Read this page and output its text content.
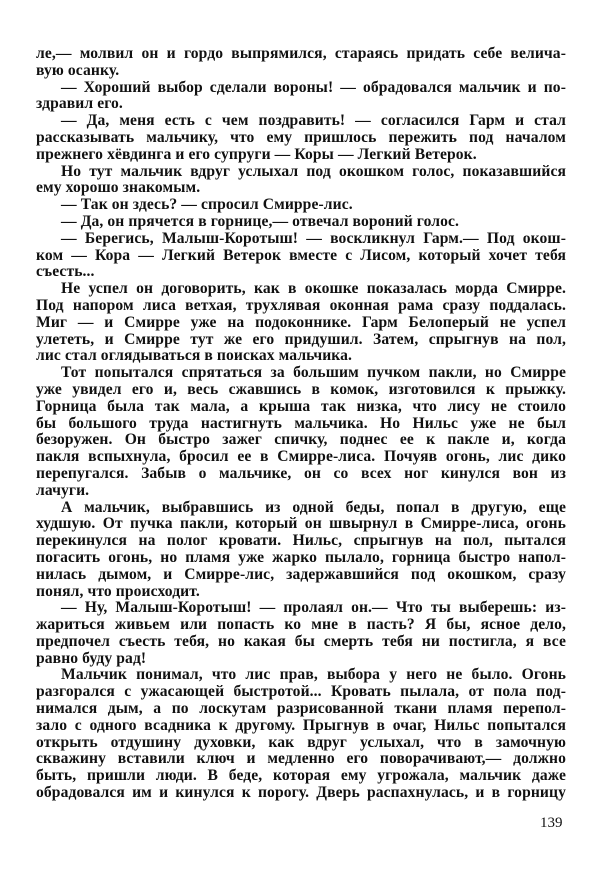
ле,— молвил он и гордо выпрямился, стараясь придать себе велича-
вую осанку.
— Хороший выбор сделали вороны! — обрадовался мальчик и по-
здравил его.
— Да, меня есть с чем поздравить! — согласился Гарм и стал
рассказывать мальчику, что ему пришлось пережить под началом
прежнего хёвдинга и его супруги — Коры — Легкий Ветерок.
Но тут мальчик вдруг услыхал под окошком голос, показавшийся
ему хорошо знакомым.
— Так он здесь? — спросил Смирре-лис.
— Да, он прячется в горнице,— отвечал вороний голос.
— Берегись, Малыш-Коротыш! — воскликнул Гарм.— Под окош-
ком — Кора — Легкий Ветерок вместе с Лисом, который хочет тебя
съесть...
Не успел он договорить, как в окошке показалась морда Смирре.
Под напором лиса ветхая, трухлявая оконная рама сразу поддалась.
Миг — и Смирре уже на подоконнике. Гарм Белоперый не успел
улететь, и Смирре тут же его придушил. Затем, спрыгнув на пол,
лис стал оглядываться в поисках мальчика.
Тот попытался спрятаться за большим пучком пакли, но Смирре
уже увидел его и, весь сжавшись в комок, изготовился к прыжку.
Горница была так мала, а крыша так низка, что лису не стоило
бы большого труда настигнуть мальчика. Но Нильс уже не был
безоружен. Он быстро зажег спичку, поднес ее к пакле и, когда
пакля вспыхнула, бросил ее в Смирре-лиса. Почуяв огонь, лис дико
перепугался. Забыв о мальчике, он со всех ног кинулся вон из
лачуги.
А мальчик, выбравшись из одной беды, попал в другую, еще
худшую. От пучка пакли, который он швырнул в Смирре-лиса, огонь
перекинулся на полог кровати. Нильс, спрыгнув на пол, пытался
погасить огонь, но пламя уже жарко пылало, горница быстро напол-
нилась дымом, и Смирре-лис, задержавшийся под окошком, сразу
понял, что происходит.
— Ну, Малыш-Коротыш! — пролаял он.— Что ты выберешь: из-
жариться живьем или попасть ко мне в пасть? Я бы, ясное дело,
предпочел съесть тебя, но какая бы смерть тебя ни постигла, я все
равно буду рад!
Мальчик понимал, что лис прав, выбора у него не было. Огонь
разгорался с ужасающей быстротой... Кровать пылала, от пола под-
нимался дым, а по лоскутам разрисованной ткани пламя перепол-
зало с одного всадника к другому. Прыгнув в очаг, Нильс попытался
открыть отдушину духовки, как вдруг услыхал, что в замочную
скважину вставили ключ и медленно его поворачивают,— должно
быть, пришли люди. В беде, которая ему угрожала, мальчик даже
обрадовался им и кинулся к порогу. Дверь распахнулась, и в горницу
139
